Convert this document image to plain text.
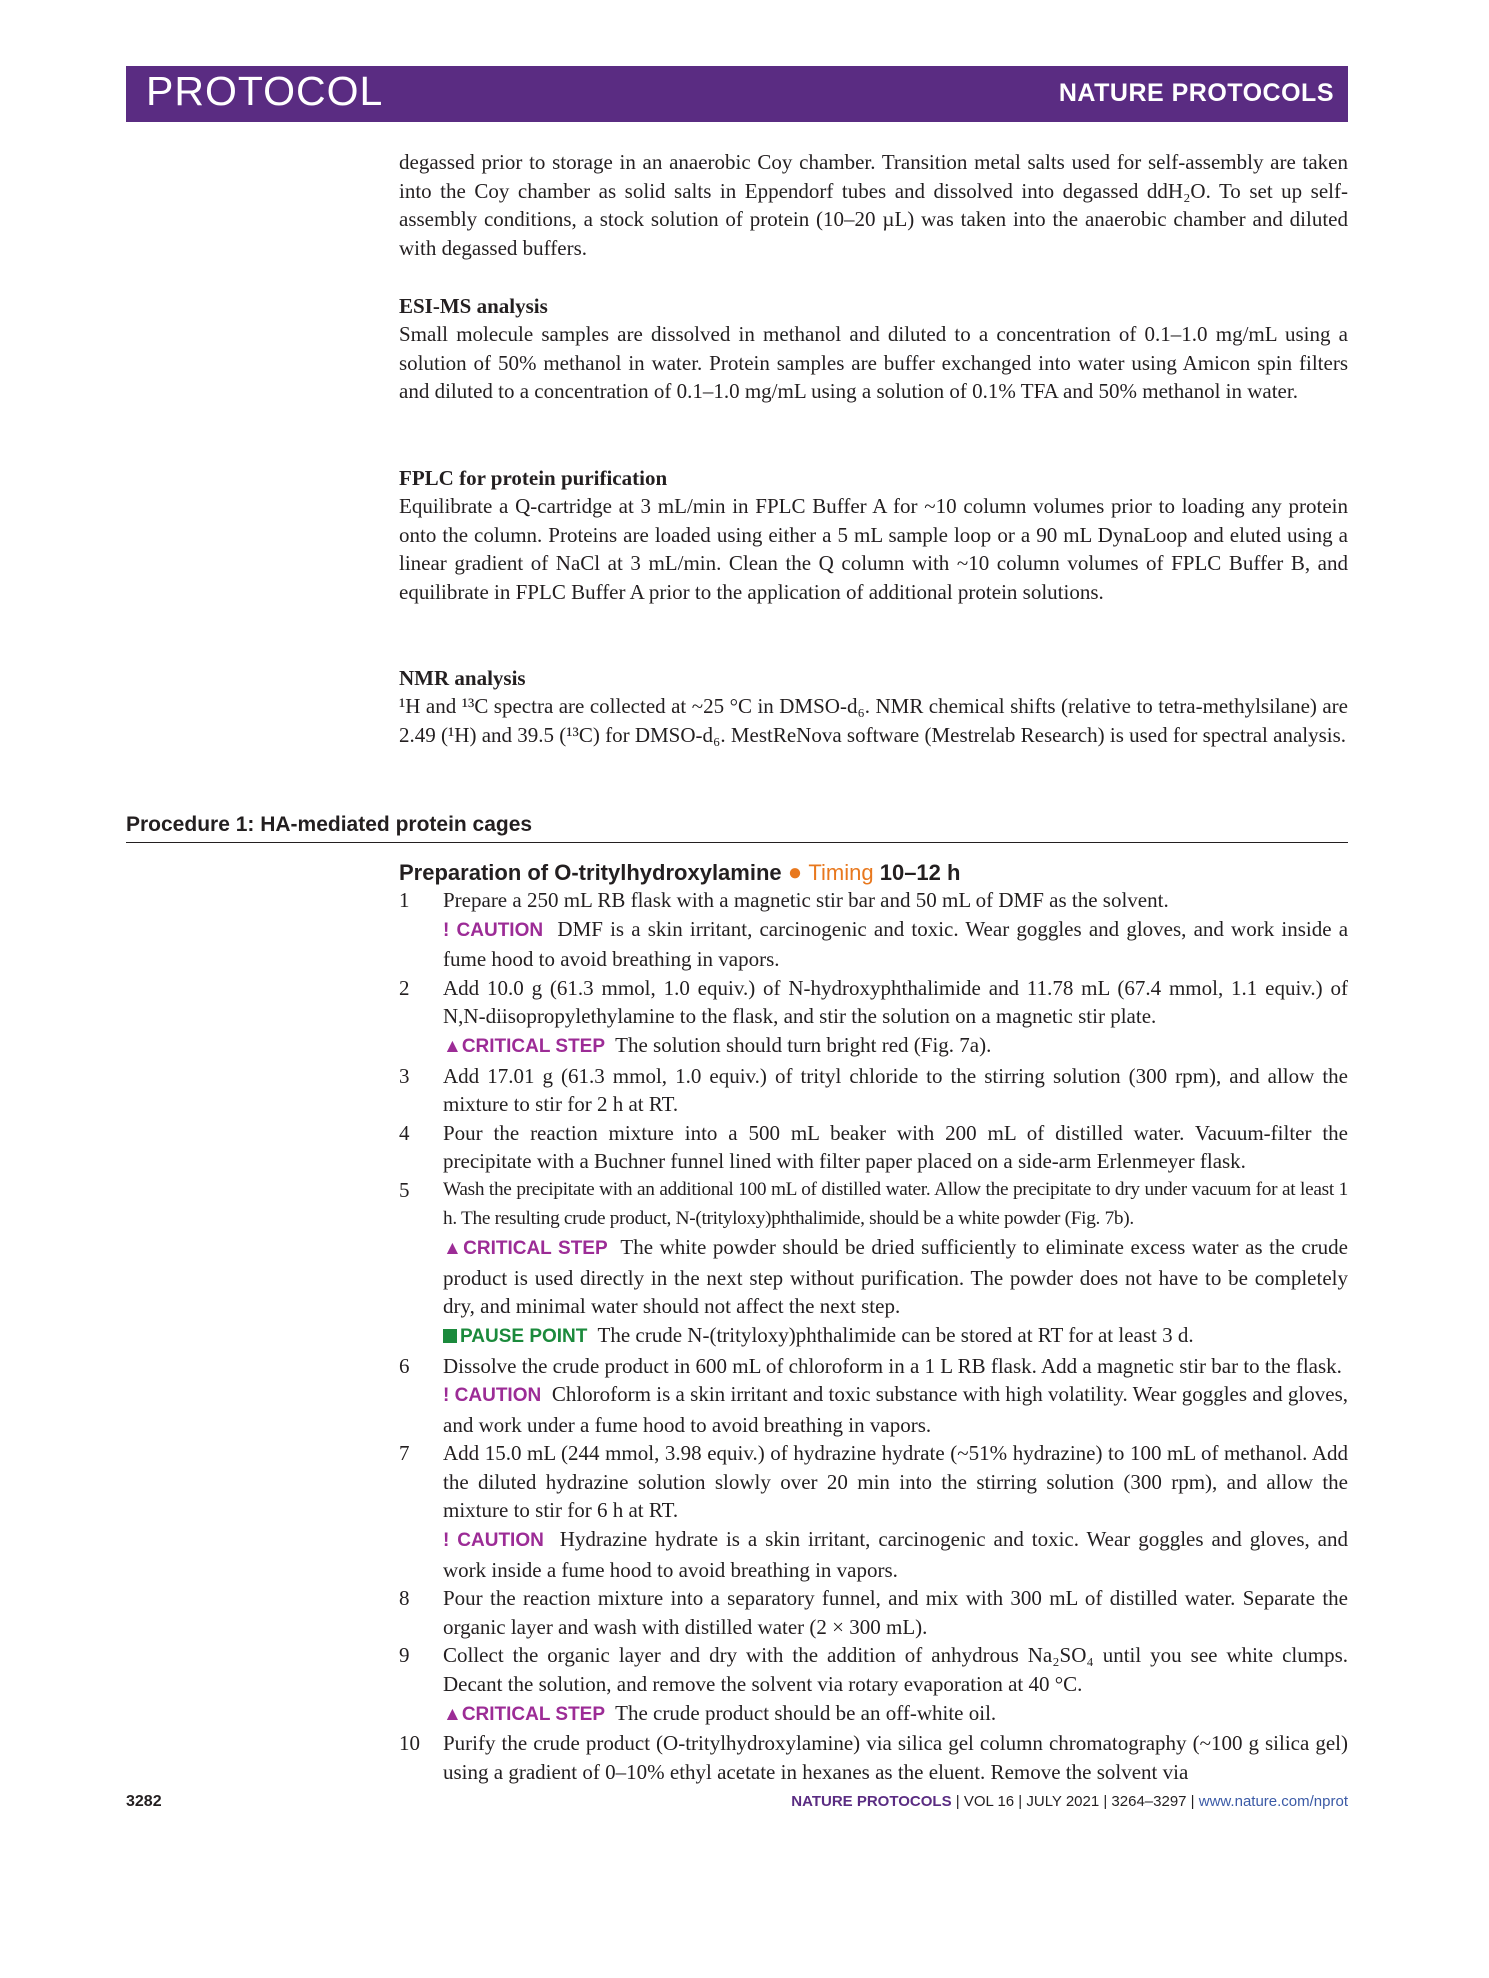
PROTOCOL	NATURE PROTOCOLS

degassed prior to storage in an anaerobic Coy chamber. Transition metal salts used for self-assembly are taken into the Coy chamber as solid salts in Eppendorf tubes and dissolved into degassed ddH₂O. To set up self-assembly conditions, a stock solution of protein (10–20 µL) was taken into the anaerobic chamber and diluted with degassed buffers.

ESI-MS analysis

Small molecule samples are dissolved in methanol and diluted to a concentration of 0.1–1.0 mg/mL using a solution of 50% methanol in water. Protein samples are buffer exchanged into water using Amicon spin filters and diluted to a concentration of 0.1–1.0 mg/mL using a solution of 0.1% TFA and 50% methanol in water.

FPLC for protein purification

Equilibrate a Q-cartridge at 3 mL/min in FPLC Buffer A for ~10 column volumes prior to loading any protein onto the column. Proteins are loaded using either a 5 mL sample loop or a 90 mL DynaLoop and eluted using a linear gradient of NaCl at 3 mL/min. Clean the Q column with ~10 column volumes of FPLC Buffer B, and equilibrate in FPLC Buffer A prior to the application of additional protein solutions.

NMR analysis

¹H and ¹³C spectra are collected at ~25 °C in DMSO-d₆. NMR chemical shifts (relative to tetra-methylsilane) are 2.49 (¹H) and 39.5 (¹³C) for DMSO-d₆. MestReNova software (Mestrelab Research) is used for spectral analysis.

Procedure 1: HA-mediated protein cages
Preparation of O-tritylhydroxylamine ● Timing 10–12 h
1 Prepare a 250 mL RB flask with a magnetic stir bar and 50 mL of DMF as the solvent.

! CAUTION DMF is a skin irritant, carcinogenic and toxic. Wear goggles and gloves, and work inside a fume hood to avoid breathing in vapors.

2 Add 10.0 g (61.3 mmol, 1.0 equiv.) of N-hydroxyphthalimide and 11.78 mL (67.4 mmol, 1.1 equiv.) of N,N-diisopropylethylamine to the flask, and stir the solution on a magnetic stir plate.

▲CRITICAL STEP The solution should turn bright red (Fig. 7a).

3 Add 17.01 g (61.3 mmol, 1.0 equiv.) of trityl chloride to the stirring solution (300 rpm), and allow the mixture to stir for 2 h at RT.

4 Pour the reaction mixture into a 500 mL beaker with 200 mL of distilled water. Vacuum-filter the precipitate with a Buchner funnel lined with filter paper placed on a side-arm Erlenmeyer flask.

5 Wash the precipitate with an additional 100 mL of distilled water. Allow the precipitate to dry under vacuum for at least 1 h. The resulting crude product, N-(trityloxy)phthalimide, should be a white powder (Fig. 7b).

▲CRITICAL STEP The white powder should be dried sufficiently to eliminate excess water as the crude product is used directly in the next step without purification. The powder does not have to be completely dry, and minimal water should not affect the next step.

PAUSE POINT The crude N-(trityloxy)phthalimide can be stored at RT for at least 3 d.

6 Dissolve the crude product in 600 mL of chloroform in a 1 L RB flask. Add a magnetic stir bar to the flask.

! CAUTION Chloroform is a skin irritant and toxic substance with high volatility. Wear goggles and gloves, and work under a fume hood to avoid breathing in vapors.

7 Add 15.0 mL (244 mmol, 3.98 equiv.) of hydrazine hydrate (~51% hydrazine) to 100 mL of methanol. Add the diluted hydrazine solution slowly over 20 min into the stirring solution (300 rpm), and allow the mixture to stir for 6 h at RT.

! CAUTION Hydrazine hydrate is a skin irritant, carcinogenic and toxic. Wear goggles and gloves, and work inside a fume hood to avoid breathing in vapors.

8 Pour the reaction mixture into a separatory funnel, and mix with 300 mL of distilled water. Separate the organic layer and wash with distilled water (2 × 300 mL).

9 Collect the organic layer and dry with the addition of anhydrous Na₂SO₄ until you see white clumps. Decant the solution, and remove the solvent via rotary evaporation at 40 °C.

▲CRITICAL STEP The crude product should be an off-white oil.

10 Purify the crude product (O-tritylhydroxylamine) via silica gel column chromatography (~100 g silica gel) using a gradient of 0–10% ethyl acetate in hexanes as the eluent. Remove the solvent via

3282	NATURE PROTOCOLS | VOL 16 | JULY 2021 | 3264–3297 | www.nature.com/nprot
